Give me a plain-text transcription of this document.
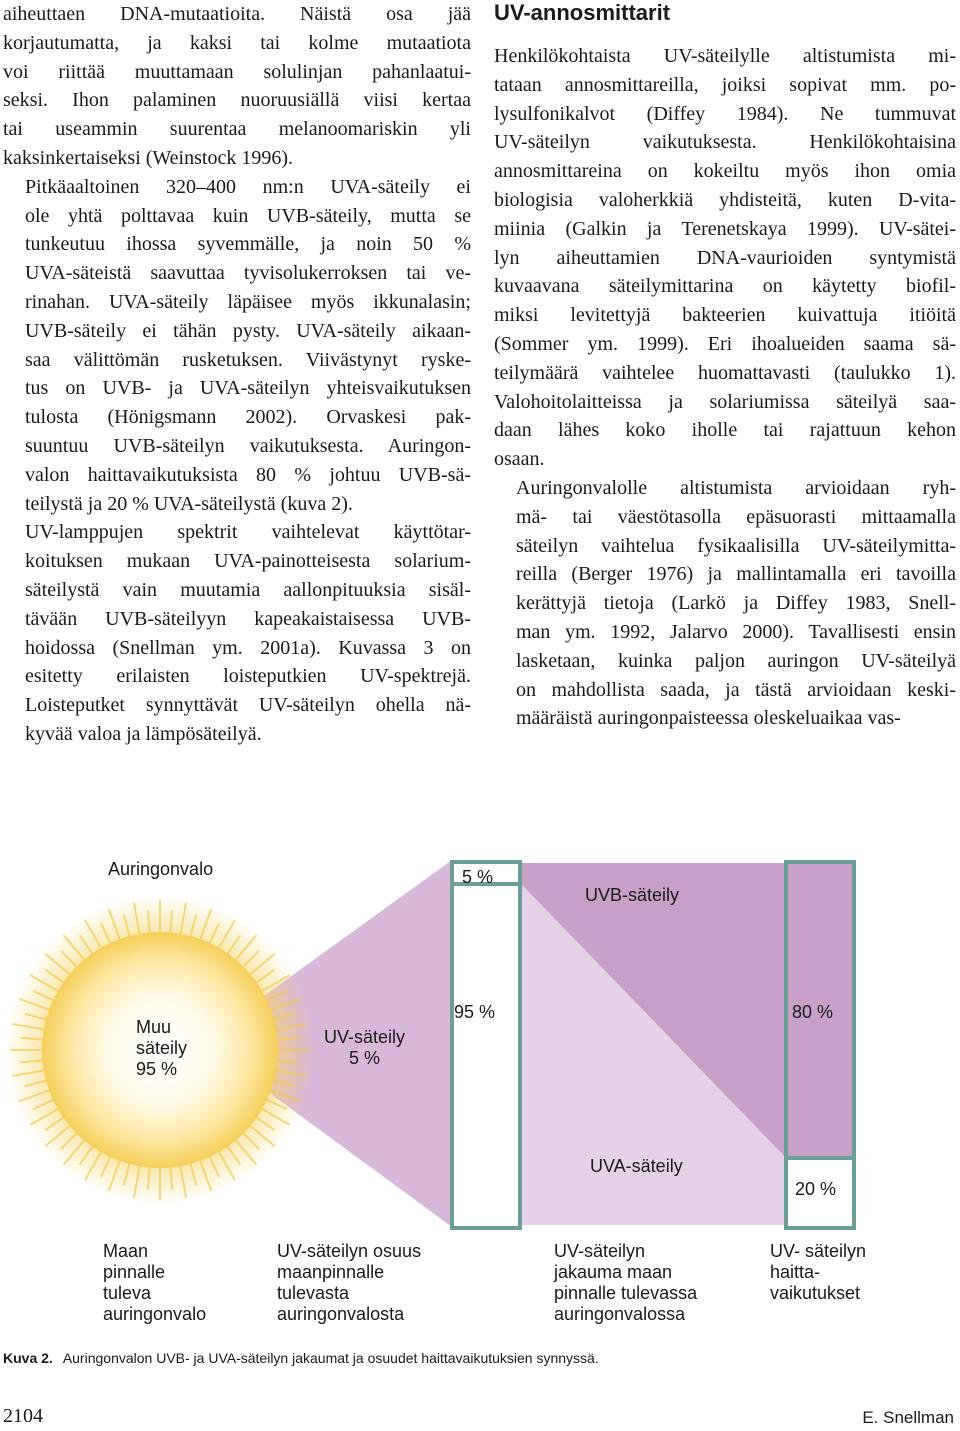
aiheuttaen DNA-mutaatioita. Näistä osa jää
korjautumatta, ja kaksi tai kolme mutaatiota
voi riittää muuttamaan solulinjan pahanlaatui-
seksi. Ihon palaminen nuoruusiällä viisi kertaa
tai useammin suurentaa melanoomariskin yli
kaksinkertaiseksi (Weinstock 1996).

Pitkäaaltoinen 320–400 nm:n UVA-säteily ei
ole yhtä polttavaa kuin UVB-säteily, mutta se
tunkeutuu ihossa syvemmälle, ja noin 50 %
UVA-säteistä saavuttaa tyvisolukerroksen tai ve-
rinahan. UVA-säteily läpäisee myös ikkunalasin;
UVB-säteily ei tähän pysty. UVA-säteily aikaan-
saa välittömän rusketuksen. Viivästynyt rуske-
tus on UVB- ja UVA-säteilyn yhteisvaikutuksen
tulosta (Hönigsmann 2002). Orvaskesi pak-
suuntuu UVB-säteilyn vaikutuksesta. Auringon-
valon haittavaikutuksista 80 % johtuu UVB-sä-
teilystä ja 20 % UVA-säteilystä (kuva 2).

UV-lamppujen spektrit vaihtelevat käyttötar-
koituksen mukaan UVA-painotteisesta solarium-
säteilystä vain muutamia aallonpituuksia sisäl-
tävään UVB-säteilyyn kapeakaistaisessa UVB-
hoidossa (Snellman ym. 2001a). Kuvassa 3 on
esitetty erilaisten loisteputkien UV-spektrejä.
Loisteputket synnyttävät UV-säteilyn ohella nä-
kyvää valoa ja lämpösäteilyä.

UV-annosmittarit

Henkilökohtaista UV-säteilylle altistumista mi-
tataan annosmittareilla, joiksi sopivat mm. po-
lysulfonikalvot (Diffey 1984). Ne tummuvat
UV-säteilyn vaikutuksesta. Henkilökohtaisina
annosmittareina on kokeiltu myös ihon omia
biologisia valoherkkiä yhdisteitä, kuten D-vita-
miinia (Galkin ja Terenetskaya 1999). UV-sätei-
lyn aiheuttamien DNA-vaurioiden syntymistä
kuvaavana säteilymittarina on käytetty biofil-
miksi levitettyjä bakteerien kuivattuja itiöitä
(Sommer ym. 1999). Eri ihoalueiden saama sä-
teilymäärä vaihtelee huomattavasti (taulukko 1).
Valohoitolaitteissa ja solariumissa säteilyä saa-
daan lähes koko iholle tai rajattuun kehon
osaan.

Auringonvalolle altistumista arvioidaan ryh-
mä- tai väestötasolla epäsuorasti mittaamalla
säteilyn vaihtelua fysikaalisilla UV-säteilymitta-
reilla (Berger 1976) ja mallintamalla eri tavoilla
kerättyjä tietoja (Larkö ja Diffey 1983, Snell-
man ym. 1992, Jalarvo 2000). Tavallisesti ensin
lasketaan, kuinka paljon auringon UV-säteilyä
on mahdollista saada, ja tästä arvioidaan keski-
määräistä auringonpaisteessa oleskeluaikaa vas-

Auringonvalo
Muu
säteily
95 %
UV-säteily
5 %
5 %
95 %
UVB-säteily
UVA-säteily
80 %
20 %
Maan
pinnalle
tuleva
auringonvalo
UV-säteilyn osuus
maanpinnalle
tulevasta
auringonvalosta
UV-säteilyn
jakauma maan
pinnalle tulevassa
auringonvalossa
UV- säteilyn
haitta-
vaikutukset
Kuva 2. Auringonvalon UVB- ja UVA-säteilyn jakaumat ja osuudet haittavaikutuksien synnyssä.
2104	E. Snellman
